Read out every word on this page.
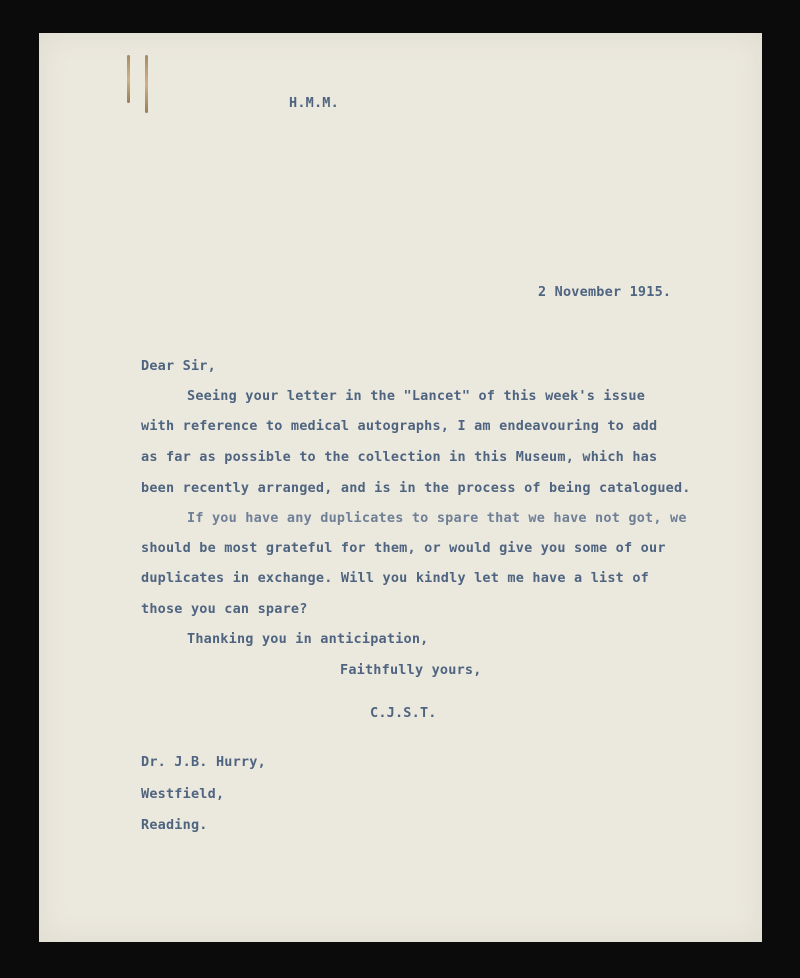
H.M.M.
2 November 1915.
Dear Sir,
Seeing your letter in the "Lancet" of this week's issue
with reference to medical autographs, I am endeavouring to add
as far as possible to the collection in this Museum, which has
been recently arranged, and is in the process of being catalogued.
If you have any duplicates to spare that we have not got, we
should be most grateful for them, or would give you some of our
duplicates in exchange. Will you kindly let me have a list of
those you can spare?
Thanking you in anticipation,
Faithfully yours,
C.J.S.T.
Dr. J.B. Hurry,
Westfield,
Reading.
